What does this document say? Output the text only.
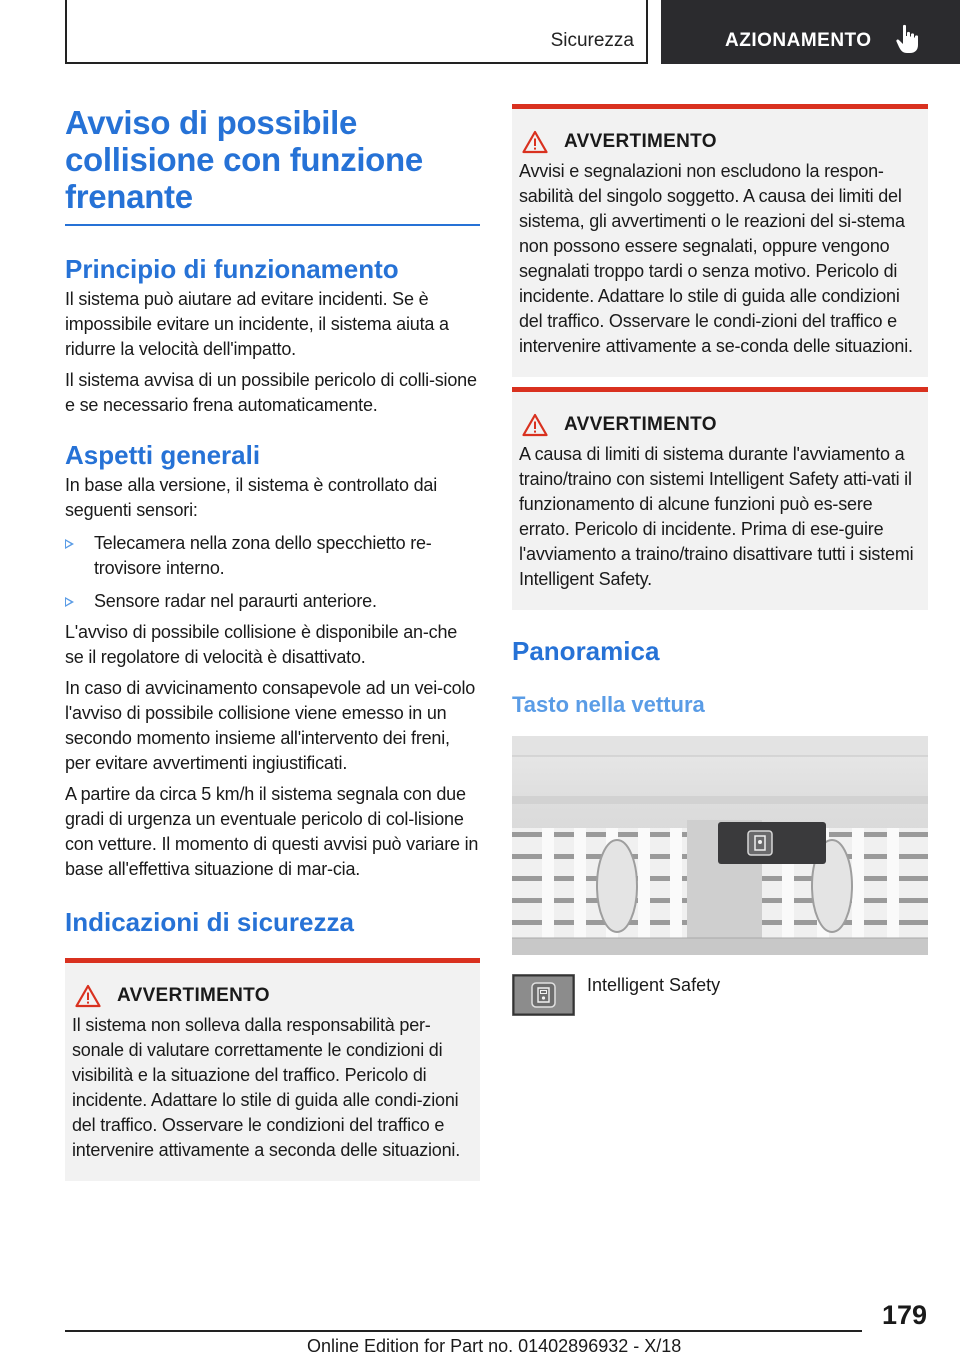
Sicurezza	AZIONAMENTO
Avviso di possibile collisione con funzione frenante
Principio di funzionamento

Il sistema può aiutare ad evitare incidenti. Se è impossibile evitare un incidente, il sistema aiuta a ridurre la velocità dell'impatto.

Il sistema avvisa di un possibile pericolo di colli-sione e se necessario frena automaticamente.

Aspetti generali

In base alla versione, il sistema è controllato dai seguenti sensori:

Telecamera nella zona dello specchietto re-trovisore interno.

Sensore radar nel paraurti anteriore.

L'avviso di possibile collisione è disponibile an-che se il regolatore di velocità è disattivato.

In caso di avvicinamento consapevole ad un vei-colo l'avviso di possibile collisione viene emesso in un secondo momento insieme all'intervento dei freni, per evitare avvertimenti ingiustificati.

A partire da circa 5 km/h il sistema segnala con due gradi di urgenza un eventuale pericolo di col-lisione con vetture. Il momento di questi avvisi può variare in base all'effettiva situazione di mar-cia.

Indicazioni di sicurezza
AVVERTIMENTO

Il sistema non solleva dalla responsabilità per-sonale di valutare correttamente le condizioni di visibilità e la situazione del traffico. Pericolo di incidente. Adattare lo stile di guida alle condi-zioni del traffico. Osservare le condizioni del traffico e intervenire attivamente a seconda delle situazioni.

AVVERTIMENTO

Avvisi e segnalazioni non escludono la respon-sabilità del singolo soggetto. A causa dei limiti del sistema, gli avvertimenti o le reazioni del si-stema non possono essere segnalati, oppure vengono segnalati troppo tardi o senza motivo. Pericolo di incidente. Adattare lo stile di guida alle condizioni del traffico. Osservare le condi-zioni del traffico e intervenire attivamente a se-conda delle situazioni.

AVVERTIMENTO

A causa di limiti di sistema durante l'avviamento a traino/traino con sistemi Intelligent Safety atti-vati il funzionamento di alcune funzioni può es-sere errato. Pericolo di incidente. Prima di ese-guire l'avviamento a traino/traino disattivare tutti i sistemi Intelligent Safety.

Panoramica
Tasto nella vettura
Intelligent Safety
179
Online Edition for Part no. 01402896932 - X/18
